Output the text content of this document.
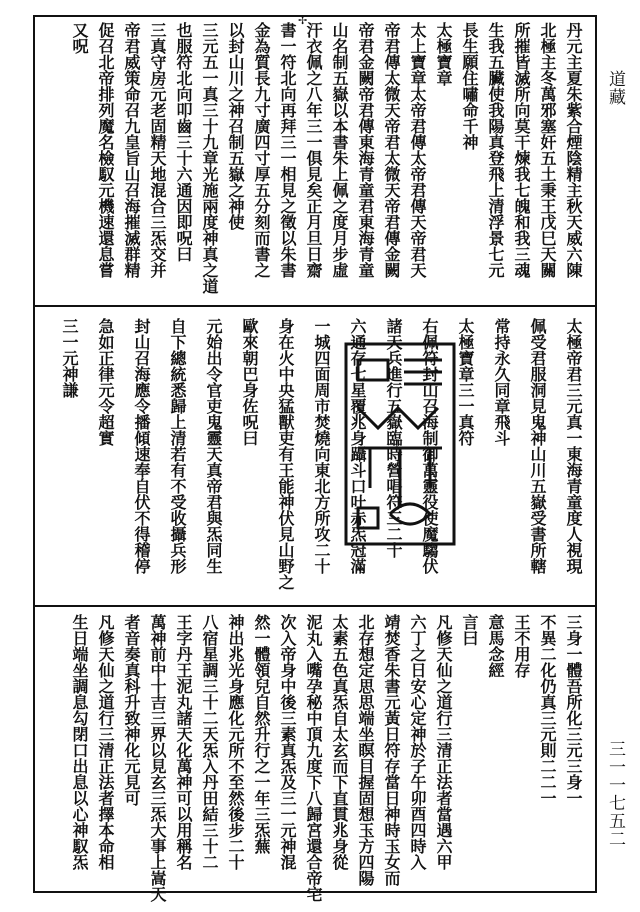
道藏
三一一七五二
丹元主夏朱紫合煙陰精主秋天威六陳
北極主冬萬邪塞奸五土秉王戊巳天關
所摧皆滅所向莫干煉我七魄和我三魂
生我五臟使我陽真登飛上清浮景七元
長生願住嘯命千神
太極寶章
太上寶章太帝君傳太帝君傳天帝君天
帝君傳太微天帝君太微天帝君傳金闕
帝君金闕帝君傳東海青童君東海青童
山名制五嶽以本書朱上佩之度月步虛
汗衣佩之八年三一俱見矣正月旦日齋
書一符北向再拜三一相見之徵以朱書
金為質長九寸廣四寸厚五分刻而書之
以封山川之神召制五嶽之神使
三元五一真三十九章光施兩度神真之道
也服符北向叩齒三十六通因即呪曰
三真守房元老固精天地混合三炁交并
帝君威策命召九皇旨山召海摧滅群精
促召北帝排列魔名檢馭元機速還息嘗
又呪
太極帝君三元真一東海青童度人視現
佩受君服洞見鬼神山川五嶽受書所轄
常持永久同章飛斗
太極寶章三一真符
右佩符封山召海制御萬靈役使魔騶伏
諸天兵進行五嶽臨時營唱符三二十
六通存七星覆兆身躡斗口吐赤炁冠滿
一城四面周市焚燒向東北方所攻二十
身在火中央猛獸吏有王能神伏見山野之
歐來朝巴身佐呪曰
元始出令官吏鬼靈天真帝君與炁同生
自下總統悉歸上清若有不受收攝兵形
封山召海應令播傾速奉自伏不得稽停
急如正律元令超實
三一元神謙
三身一體吾所化三元三身一
不異二化仍真三元則二二一
王不用存
意馬念經
言曰
凡修天仙之道行三清正法者當遇六甲
六丁之日安心定神於子午卯酉四時入
靖焚香朱書元黃日符存當日神時玉女而
北存想定思思端坐瞑目握固想玉方四陽
太素五色真炁自太玄而下直貫兆身從
泥丸入嘴孕秘中頂九度下八歸宮還合帝宅
次入帝身中後三素真炁及三一元神混
然一體領兒自然升行之一年三炁蕪
神出兆光身應化元所不至然後步二十
八宿星調三十二天炁入丹田結三十二
王字丹王泥丸諸天化萬神可以用稱名
萬神前中十吉三界以見玄三炁大事上嵩天
者音奏真科升致神化元見可
凡修天仙之道行三清正法者擇本命相
生日端坐調息勾閉口出息以心神馭炁
✢
